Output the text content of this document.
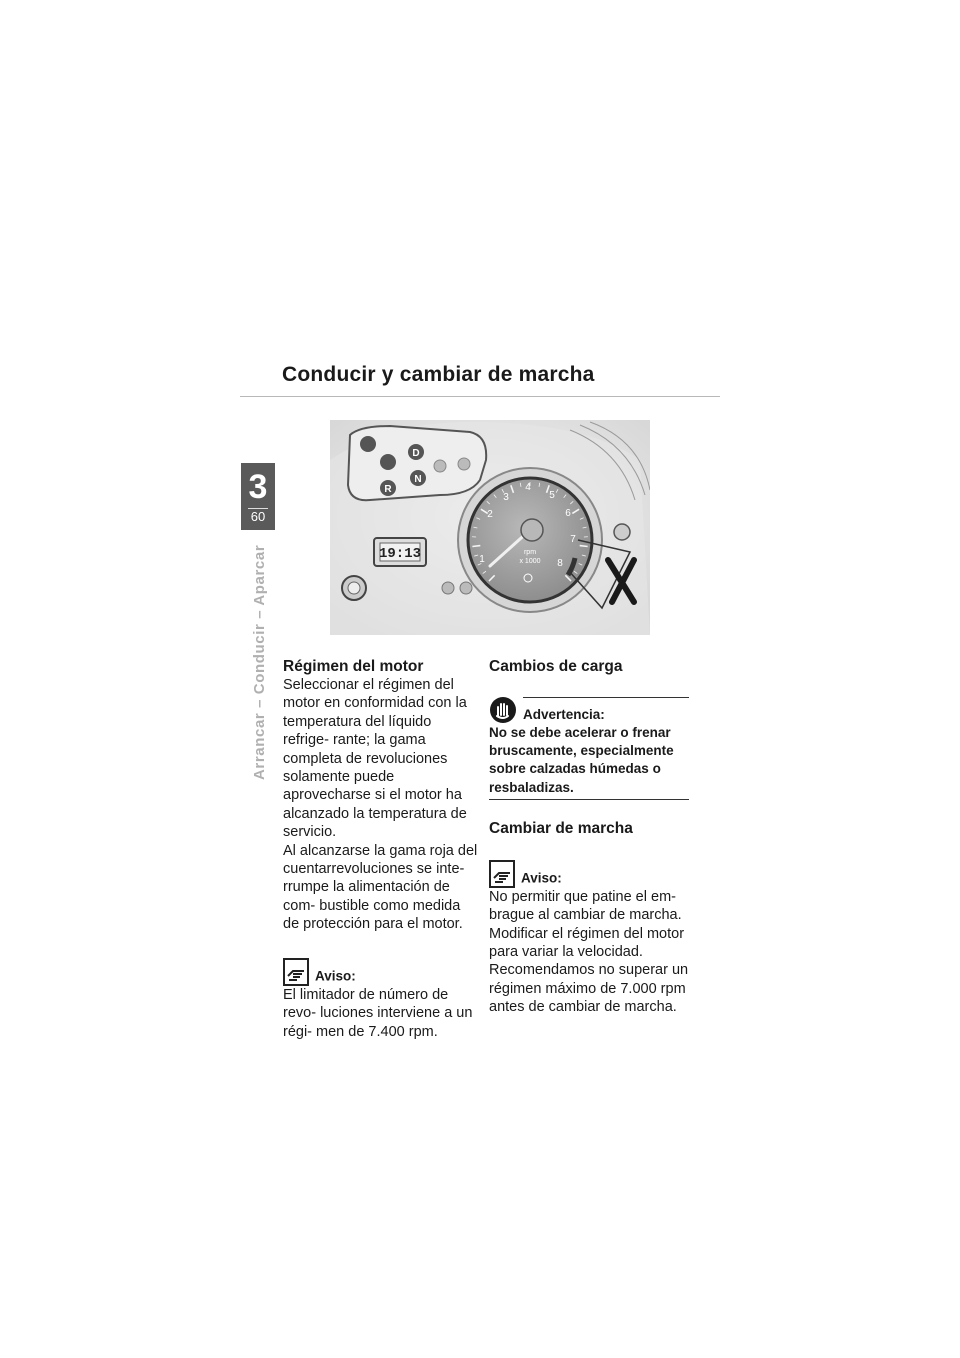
Conducir y cambiar de marcha
3
60
Arrancar – Conducir – Aparcar
D
R
N
19:13	1
2
3
4
5
6
7
8
rpm
x 1000
Régimen del motor

Seleccionar el régimen del motor en conformidad con la temperatura del líquido refrige- rante; la gama completa de revoluciones solamente puede aprovecharse si el motor ha alcanzado la temperatura de servicio.

Al alcanzarse la gama roja del cuentarrevoluciones se inte- rrumpe la alimentación de com- bustible como medida de protección para el motor.

Aviso:

El limitador de número de revo- luciones interviene a un régi- men de 7.400 rpm.

Cambios de carga
Advertencia:

No se debe acelerar o frenar bruscamente, especialmente sobre calzadas húmedas o resbaladizas.

Cambiar de marcha
Aviso:

No permitir que patine el em- brague al cambiar de marcha. Modificar el régimen del motor para variar la velocidad. Recomendamos no superar un régimen máximo de 7.000 rpm antes de cambiar de marcha.
